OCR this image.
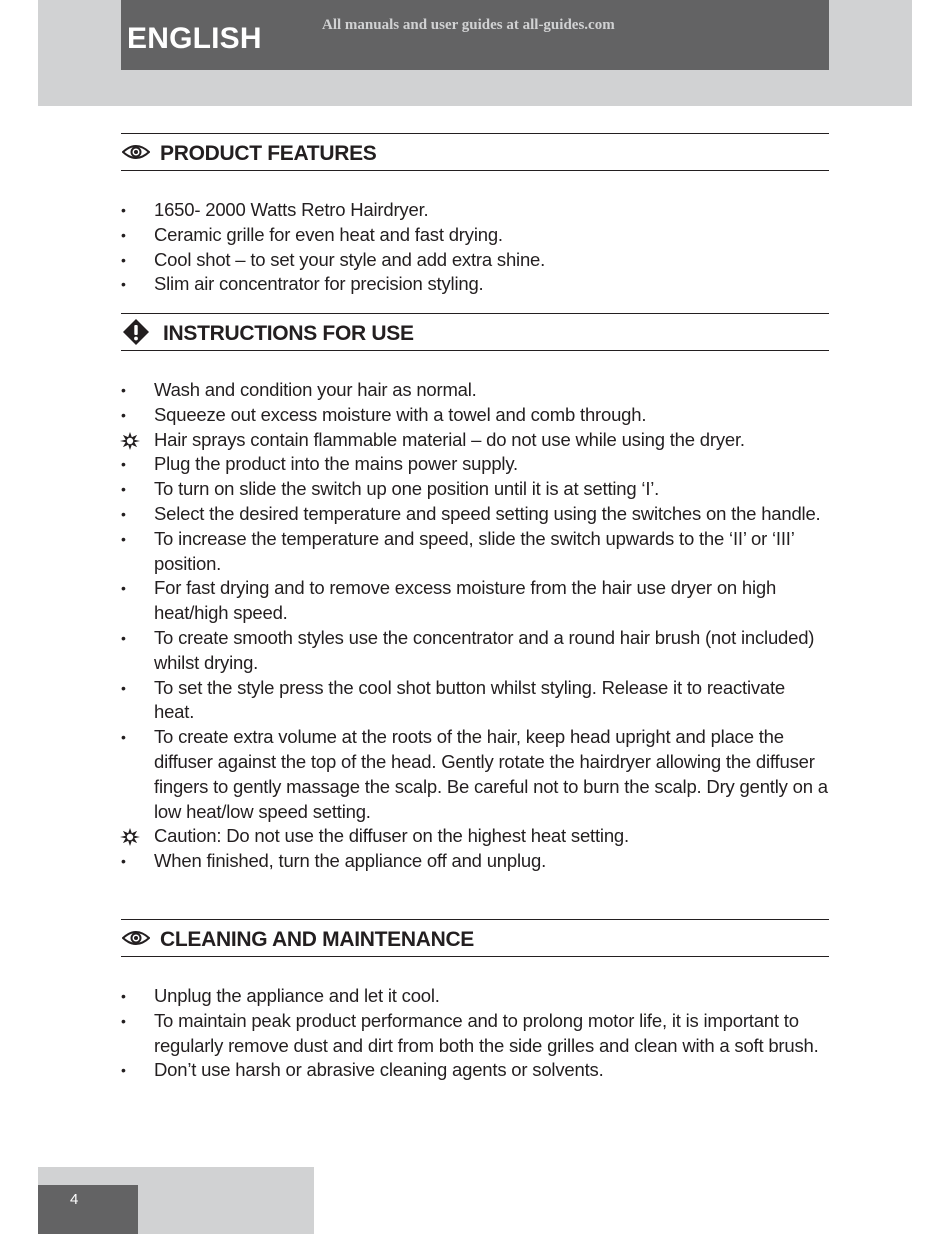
ENGLISH	All manuals and user guides at all-guides.com
PRODUCT FEATURES
•	1650- 2000 Watts Retro Hairdryer.
•	Ceramic grille for even heat and fast drying.
•	Cool shot – to set your style and add extra shine.
•	Slim air concentrator for precision styling.
INSTRUCTIONS FOR USE
•	Wash and condition your hair as normal.
•	Squeeze out excess moisture with a towel and comb through.
Hair sprays contain flammable material – do not use while using the dryer.
•	Plug the product into the mains power supply.
•	To turn on slide the switch up one position until it is at setting ‘I’.
•	Select the desired temperature and speed setting using the switches on the handle.
•	To increase the temperature and speed, slide the switch upwards to the ‘II’ or ‘III’ position.
•	For fast drying and to remove excess moisture from the hair use dryer on high heat/high speed.
•	To create smooth styles use the concentrator and a round hair brush (not included) whilst drying.
•	To set the style press the cool shot button whilst styling. Release it to reactivate heat.
•	To create extra volume at the roots of the hair, keep head upright and place the diffuser against the top of the head. Gently rotate the hairdryer allowing the diffuser fingers to gently massage the scalp. Be careful not to burn the scalp. Dry gently on a low heat/low speed setting.
Caution: Do not use the diffuser on the highest heat setting.
•	When finished, turn the appliance off and unplug.
CLEANING AND MAINTENANCE
•	Unplug the appliance and let it cool.
•	To maintain peak product performance and to prolong motor life, it is important to regularly remove dust and dirt from both the side grilles and clean with a soft brush.
•	Don’t use harsh or abrasive cleaning agents or solvents.
4
